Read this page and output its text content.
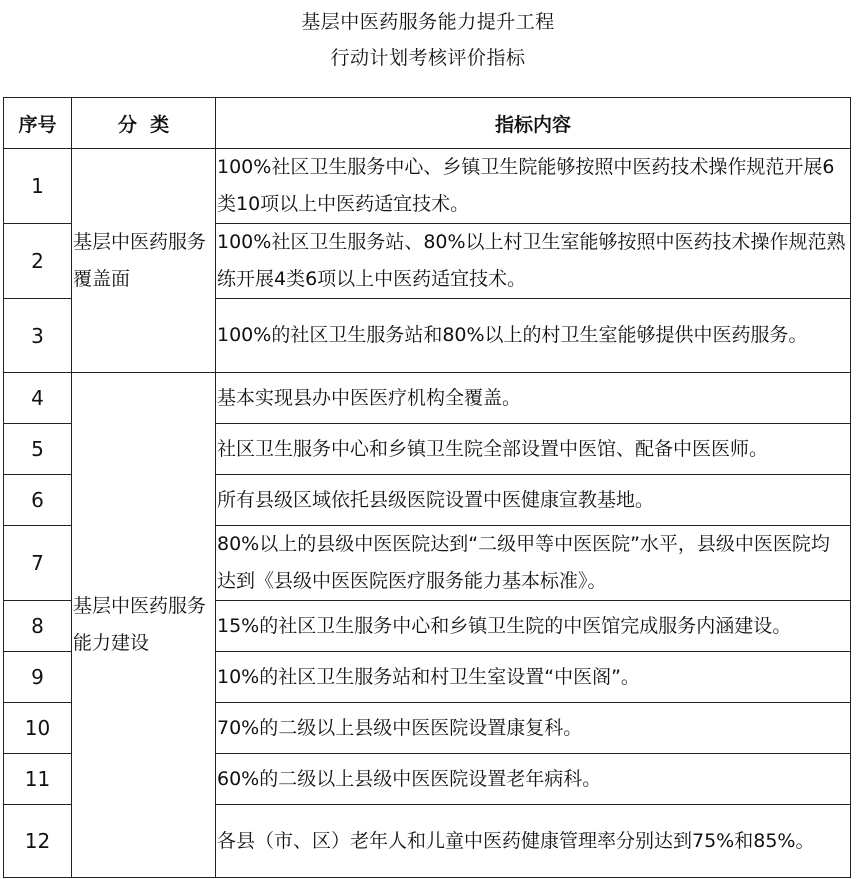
基层中医药服务能力提升工程
行动计划考核评价指标
序号	分  类	指标内容
1	基层中医药服务覆盖面	100%社区卫生服务中心、乡镇卫生院能够按照中医药技术操作规范开展6类10项以上中医药适宜技术。
2		100%社区卫生服务站、80%以上村卫生室能够按照中医药技术操作规范熟练开展4类6项以上中医药适宜技术。
3		100%的社区卫生服务站和80%以上的村卫生室能够提供中医药服务。
4	基层中医药服务能力建设	基本实现县办中医医疗机构全覆盖。
5		社区卫生服务中心和乡镇卫生院全部设置中医馆、配备中医医师。
6		所有县级区域依托县级医院设置中医健康宣教基地。
7		80%以上的县级中医医院达到“二级甲等中医医院”水平，县级中医医院均达到《县级中医医院医疗服务能力基本标准》。
8		15%的社区卫生服务中心和乡镇卫生院的中医馆完成服务内涵建设。
9		10%的社区卫生服务站和村卫生室设置“中医阁”。
10		70%的二级以上县级中医医院设置康复科。
11		60%的二级以上县级中医医院设置老年病科。
12		各县（市、区）老年人和儿童中医药健康管理率分别达到75%和85%。
